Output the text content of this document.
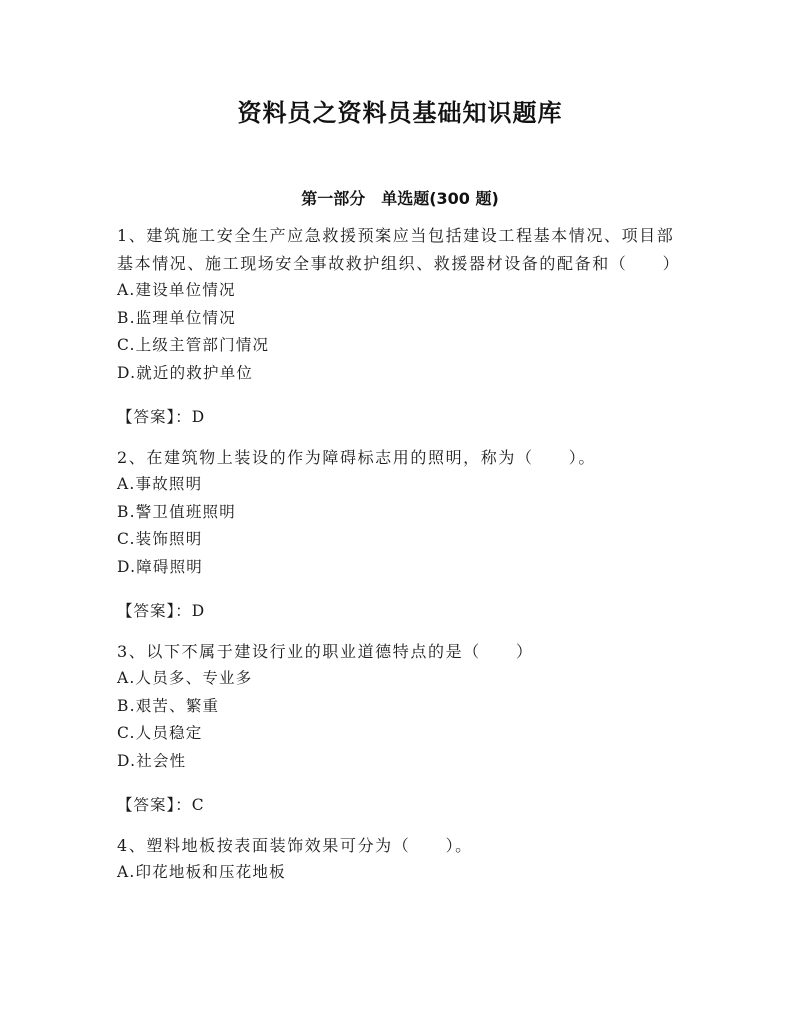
资料员之资料员基础知识题库
第一部分　单选题(300 题)

1、建筑施工安全生产应急救援预案应当包括建设工程基本情况、项目部基本情况、施工现场安全事故救护组织、救援器材设备的配备和（　　）

A.建设单位情况

B.监理单位情况

C.上级主管部门情况

D.就近的救护单位

【答案】：D

2、在建筑物上装设的作为障碍标志用的照明，称为（　　）。

A.事故照明

B.警卫值班照明

C.装饰照明

D.障碍照明

【答案】：D

3、以下不属于建设行业的职业道德特点的是（　　）

A.人员多、专业多

B.艰苦、繁重

C.人员稳定

D.社会性

【答案】：C

4、塑料地板按表面装饰效果可分为（　　）。

A.印花地板和压花地板
